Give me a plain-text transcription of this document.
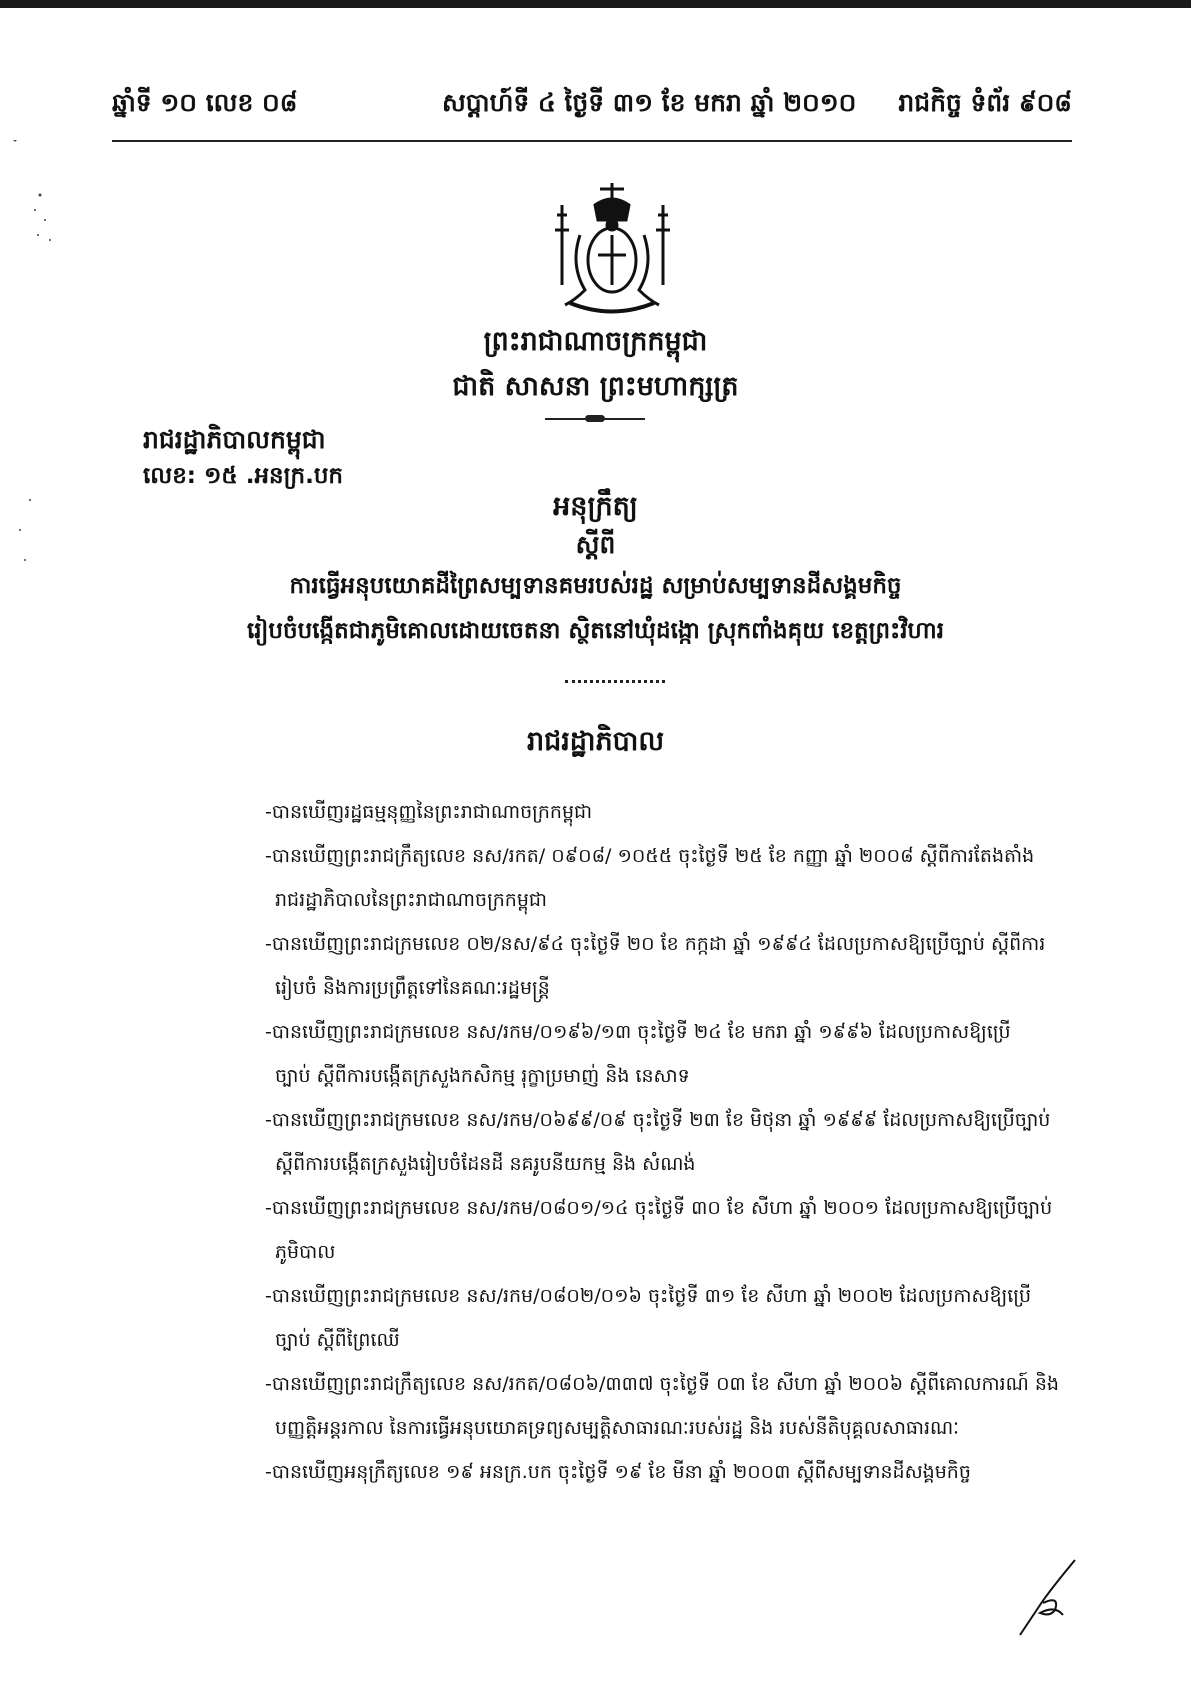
ឆ្នាំទី ១០ លេខ ០៨	សប្តាហ៍ទី ៤ ថ្ងៃទី ៣១ ខែ មករា ឆ្នាំ ២០១០ រាជកិច្ច ទំព័រ ៩០៨
ព្រះរាជាណាចក្រកម្ពុជា
ជាតិ សាសនា ព្រះមហាក្សត្រ
រាជរដ្ឋាភិបាលកម្ពុជា
លេខ: ១៥ .អនក្រ.បក
អនុក្រឹត្យ
ស្តីពី
ការធ្វើអនុបយោគដីព្រៃសម្បទានគមរបស់រដ្ឋ សម្រាប់សម្បទានដីសង្គមកិច្ច
រៀបចំបង្កើតជាភូមិគោលដោយចេតនា ស្ថិតនៅឃុំដង្កោ ស្រុកពាំងគុយ ខេត្តព្រះវិហារ
រាជរដ្ឋាភិបាល
-បានឃើញរដ្ឋធម្មនុញ្ញនៃព្រះរាជាណាចក្រកម្ពុជា
-បានឃើញព្រះរាជក្រឹត្យលេខ នស/រកត/ ០៩០៨/ ១០៥៥ ចុះថ្ងៃទី ២៥ ខែ កញ្ញា ឆ្នាំ ២០០៨ ស្តីពីការតែងតាំង
រាជរដ្ឋាភិបាលនៃព្រះរាជាណាចក្រកម្ពុជា
-បានឃើញព្រះរាជក្រមលេខ ០២/នស/៩៤ ចុះថ្ងៃទី ២០ ខែ កក្កដា ឆ្នាំ ១៩៩៤ ដែលប្រកាសឱ្យប្រើច្បាប់ ស្តីពីការ
រៀបចំ និងការប្រព្រឹត្តទៅនៃគណៈរដ្ឋមន្ត្រី
-បានឃើញព្រះរាជក្រមលេខ នស/រកម/០១៩៦/១៣ ចុះថ្ងៃទី ២៤ ខែ មករា ឆ្នាំ ១៩៩៦ ដែលប្រកាសឱ្យប្រើ
ច្បាប់ ស្តីពីការបង្កើតក្រសួងកសិកម្ម រុក្ខាប្រមាញ់ និង នេសាទ
-បានឃើញព្រះរាជក្រមលេខ នស/រកម/០៦៩៩/០៩ ចុះថ្ងៃទី ២៣ ខែ មិថុនា ឆ្នាំ ១៩៩៩ ដែលប្រកាសឱ្យប្រើច្បាប់
ស្តីពីការបង្កើតក្រសួងរៀបចំដែនដី នគរូបនីយកម្ម និង សំណង់
-បានឃើញព្រះរាជក្រមលេខ នស/រកម/០៨០១/១៤ ចុះថ្ងៃទី ៣០ ខែ សីហា ឆ្នាំ ២០០១ ដែលប្រកាសឱ្យប្រើច្បាប់
ភូមិបាល
-បានឃើញព្រះរាជក្រមលេខ នស/រកម/០៨០២/០១៦ ចុះថ្ងៃទី ៣១ ខែ សីហា ឆ្នាំ ២០០២ ដែលប្រកាសឱ្យប្រើ
ច្បាប់ ស្តីពីព្រៃឈើ
-បានឃើញព្រះរាជក្រឹត្យលេខ នស/រកត/០៨០៦/៣៣៧ ចុះថ្ងៃទី ០៣ ខែ សីហា ឆ្នាំ ២០០៦ ស្តីពីគោលការណ៍ និង
បញ្ញត្តិអន្តរកាល នៃការធ្វើអនុបយោគទ្រព្យសម្បត្តិសាធារណៈរបស់រដ្ឋ និង របស់នីតិបុគ្គលសាធារណៈ
-បានឃើញអនុក្រឹត្យលេខ ១៩ អនក្រ.បក ចុះថ្ងៃទី ១៩ ខែ មីនា ឆ្នាំ ២០០៣ ស្តីពីសម្បទានដីសង្គមកិច្ច
